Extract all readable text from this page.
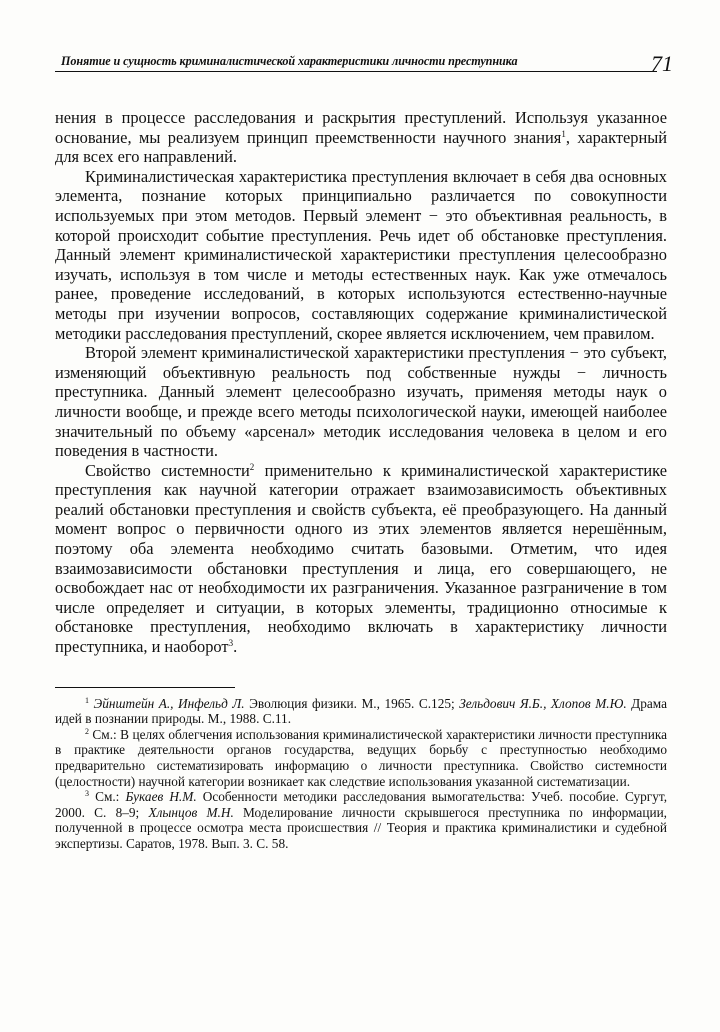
Понятие и сущность криминалистической характеристики личности преступника	71

нения в процессе расследования и раскрытия преступлений. Используя указанное основание, мы реализуем принцип преемственности научного знания$^1$, характерный для всех его направлений.

Криминалистическая характеристика преступления включает в себя два основных элемента, познание которых принципиально различается по совокупности используемых при этом методов. Первый элемент − это объективная реальность, в которой происходит событие преступления. Речь идет об обстановке преступления. Данный элемент криминалистической характеристики преступления целесообразно изучать, используя в том числе и методы естественных наук. Как уже отмечалось ранее, проведение исследований, в которых используются естественно-научные методы при изучении вопросов, составляющих содержание криминалистической методики расследования преступлений, скорее является исключением, чем правилом.

Второй элемент криминалистической характеристики преступления − это субъект, изменяющий объективную реальность под собственные нужды − личность преступника. Данный элемент целесообразно изучать, применяя методы наук о личности вообще, и прежде всего методы психологической науки, имеющей наиболее значительный по объему «арсенал» методик исследования человека в целом и его поведения в частности.

Свойство системности$^2$ применительно к криминалистической характеристике преступления как научной категории отражает взаимозависимость объективных реалий обстановки преступления и свойств субъекта, её преобразующего. На данный момент вопрос о первичности одного из этих элементов является нерешённым, поэтому оба элемента необходимо считать базовыми. Отметим, что идея взаимозависимости обстановки преступления и лица, его совершающего, не освобождает нас от необходимости их разграничения. Указанное разграничение в том числе определяет и ситуации, в которых элементы, традиционно относимые к обстановке преступления, необходимо включать в характеристику личности преступника, и наоборот$^3$.

$^1$ Эйнштейн А., Инфельд Л. Эволюция физики. М., 1965. С.125; Зельдович Я.Б., Хлопов М.Ю. Драма идей в познании природы. М., 1988. С.11.

$^2$ См.: В целях облегчения использования криминалистической характеристики личности преступника в практике деятельности органов государства, ведущих борьбу с преступностью необходимо предварительно систематизировать информацию о личности преступника. Свойство системности (целостности) научной категории возникает как следствие использования указанной систематизации.

$^3$ См.: Букаев Н.М. Особенности методики расследования вымогательства: Учеб. пособие. Сургут, 2000. С. 8–9; Хлынцов М.Н. Моделирование личности скрывшегося преступника по информации, полученной в процессе осмотра места происшествия // Теория и практика криминалистики и судебной экспертизы. Саратов, 1978. Вып. 3. С. 58.
